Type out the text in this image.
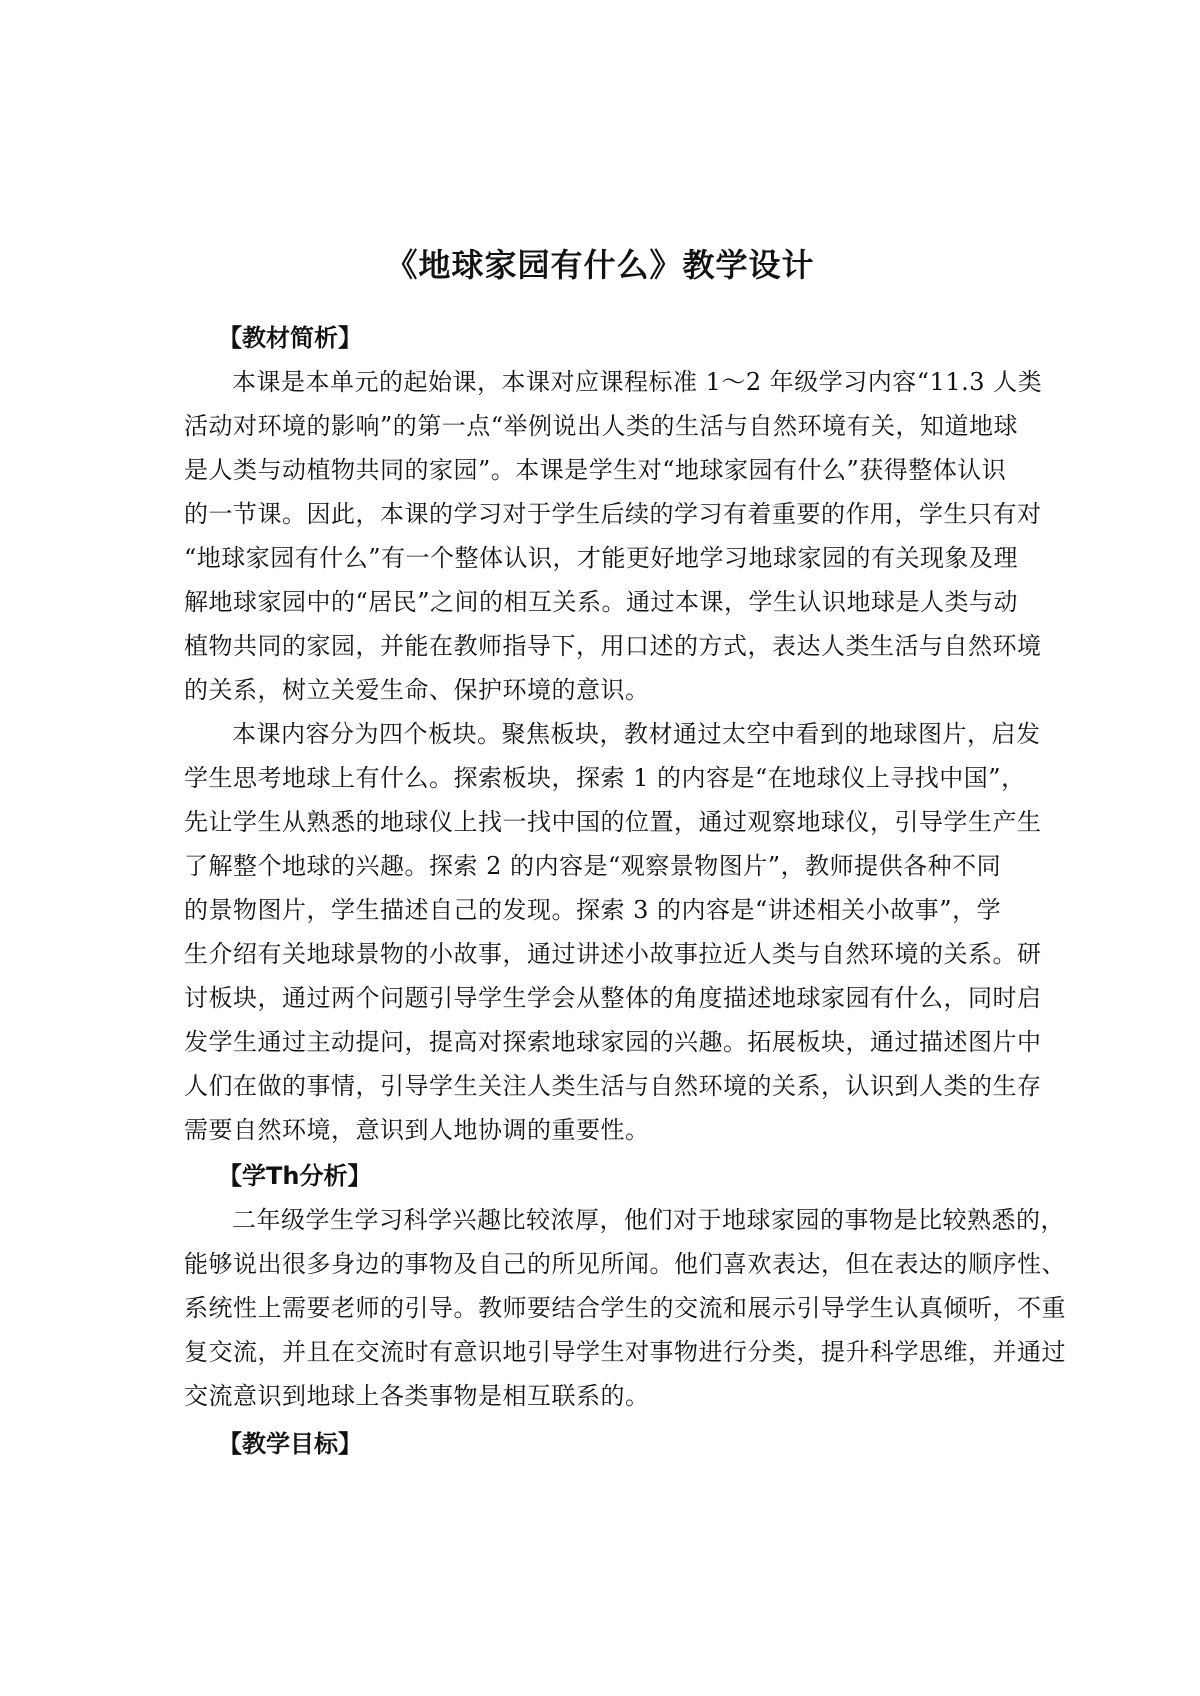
《地球家园有什么》教学设计
【教材简析】
本课是本单元的起始课，本课对应课程标准 1～2 年级学习内容“11.3 人类
活动对环境的影响”的第一点“举例说出人类的生活与自然环境有关，知道地球
是人类与动植物共同的家园”。本课是学生对“地球家园有什么”获得整体认识
的一节课。因此，本课的学习对于学生后续的学习有着重要的作用，学生只有对
“地球家园有什么”有一个整体认识，才能更好地学习地球家园的有关现象及理
解地球家园中的“居民”之间的相互关系。通过本课，学生认识地球是人类与动
植物共同的家园，并能在教师指导下，用口述的方式，表达人类生活与自然环境
的关系，树立关爱生命、保护环境的意识。
本课内容分为四个板块。聚焦板块，教材通过太空中看到的地球图片，启发
学生思考地球上有什么。探索板块，探索 1 的内容是“在地球仪上寻找中国”，
先让学生从熟悉的地球仪上找一找中国的位置，通过观察地球仪，引导学生产生
了解整个地球的兴趣。探索 2 的内容是“观察景物图片”，教师提供各种不同
的景物图片，学生描述自己的发现。探索 3 的内容是“讲述相关小故事”，学
生介绍有关地球景物的小故事，通过讲述小故事拉近人类与自然环境的关系。研
讨板块，通过两个问题引导学生学会从整体的角度描述地球家园有什么，同时启
发学生通过主动提问，提高对探索地球家园的兴趣。拓展板块，通过描述图片中
人们在做的事情，引导学生关注人类生活与自然环境的关系，认识到人类的生存
需要自然环境，意识到人地协调的重要性。
【学Th分析】
二年级学生学习科学兴趣比较浓厚，他们对于地球家园的事物是比较熟悉的，
能够说出很多身边的事物及自己的所见所闻。他们喜欢表达，但在表达的顺序性、
系统性上需要老师的引导。教师要结合学生的交流和展示引导学生认真倾听，不重
复交流，并且在交流时有意识地引导学生对事物进行分类，提升科学思维，并通过
交流意识到地球上各类事物是相互联系的。
【教学目标】
